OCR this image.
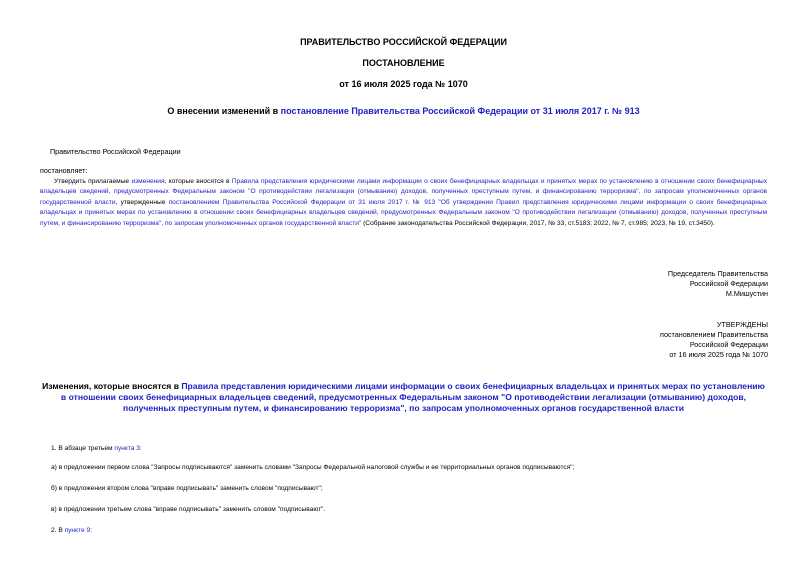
ПРАВИТЕЛЬСТВО РОССИЙСКОЙ ФЕДЕРАЦИИ
ПОСТАНОВЛЕНИЕ
от 16 июля 2025 года № 1070
О внесении изменений в постановление Правительства Российской Федерации от 31 июля 2017 г. № 913
Правительство Российской Федерации
постановляет:
Утвердить прилагаемые изменения, которые вносятся в Правила представления юридическими лицами информации о своих бенефициарных владельцах и принятых мерах по установлению в отношении своих бенефициарных владельцев сведений, предусмотренных Федеральным законом "О противодействии легализации (отмыванию) доходов, полученных преступным путем, и финансированию терроризма", по запросам уполномоченных органов государственной власти, утвержденные постановлением Правительства Российской Федерации от 31 июля 2017 г. № 913 "Об утверждении Правил представления юридическими лицами информации о своих бенефициарных владельцах и принятых мерах по установлению в отношении своих бенефициарных владельцев сведений, предусмотренных Федеральным законом "О противодействии легализации (отмыванию) доходов, полученных преступным путем, и финансированию терроризма", по запросам уполномоченных органов государственной власти" (Собрание законодательства Российской Федерации, 2017, № 33, ст.5183; 2022, № 7, ст.985; 2023, № 19, ст.3450).
Председатель Правительства
Российской Федерации
М.Мишустин
УТВЕРЖДЕНЫ
постановлением Правительства
Российской Федерации
от 16 июля 2025 года № 1070
Изменения, которые вносятся в Правила представления юридическими лицами информации о своих бенефициарных владельцах и принятых мерах по установлению в отношении своих бенефициарных владельцев сведений, предусмотренных Федеральным законом "О противодействии легализации (отмыванию) доходов, полученных преступным путем, и финансированию терроризма", по запросам уполномоченных органов государственной власти
1. В абзаце третьем пункта 3:
а) в предложении первом слова "Запросы подписываются" заменить словами "Запросы Федеральной налоговой службы и ее территориальных органов подписываются";
б) в предложении втором слова "вправе подписывать" заменить словом "подписывают";
в) в предложении третьем слова "вправе подписывать" заменить словом "подписывают".
2. В пункте 9:
